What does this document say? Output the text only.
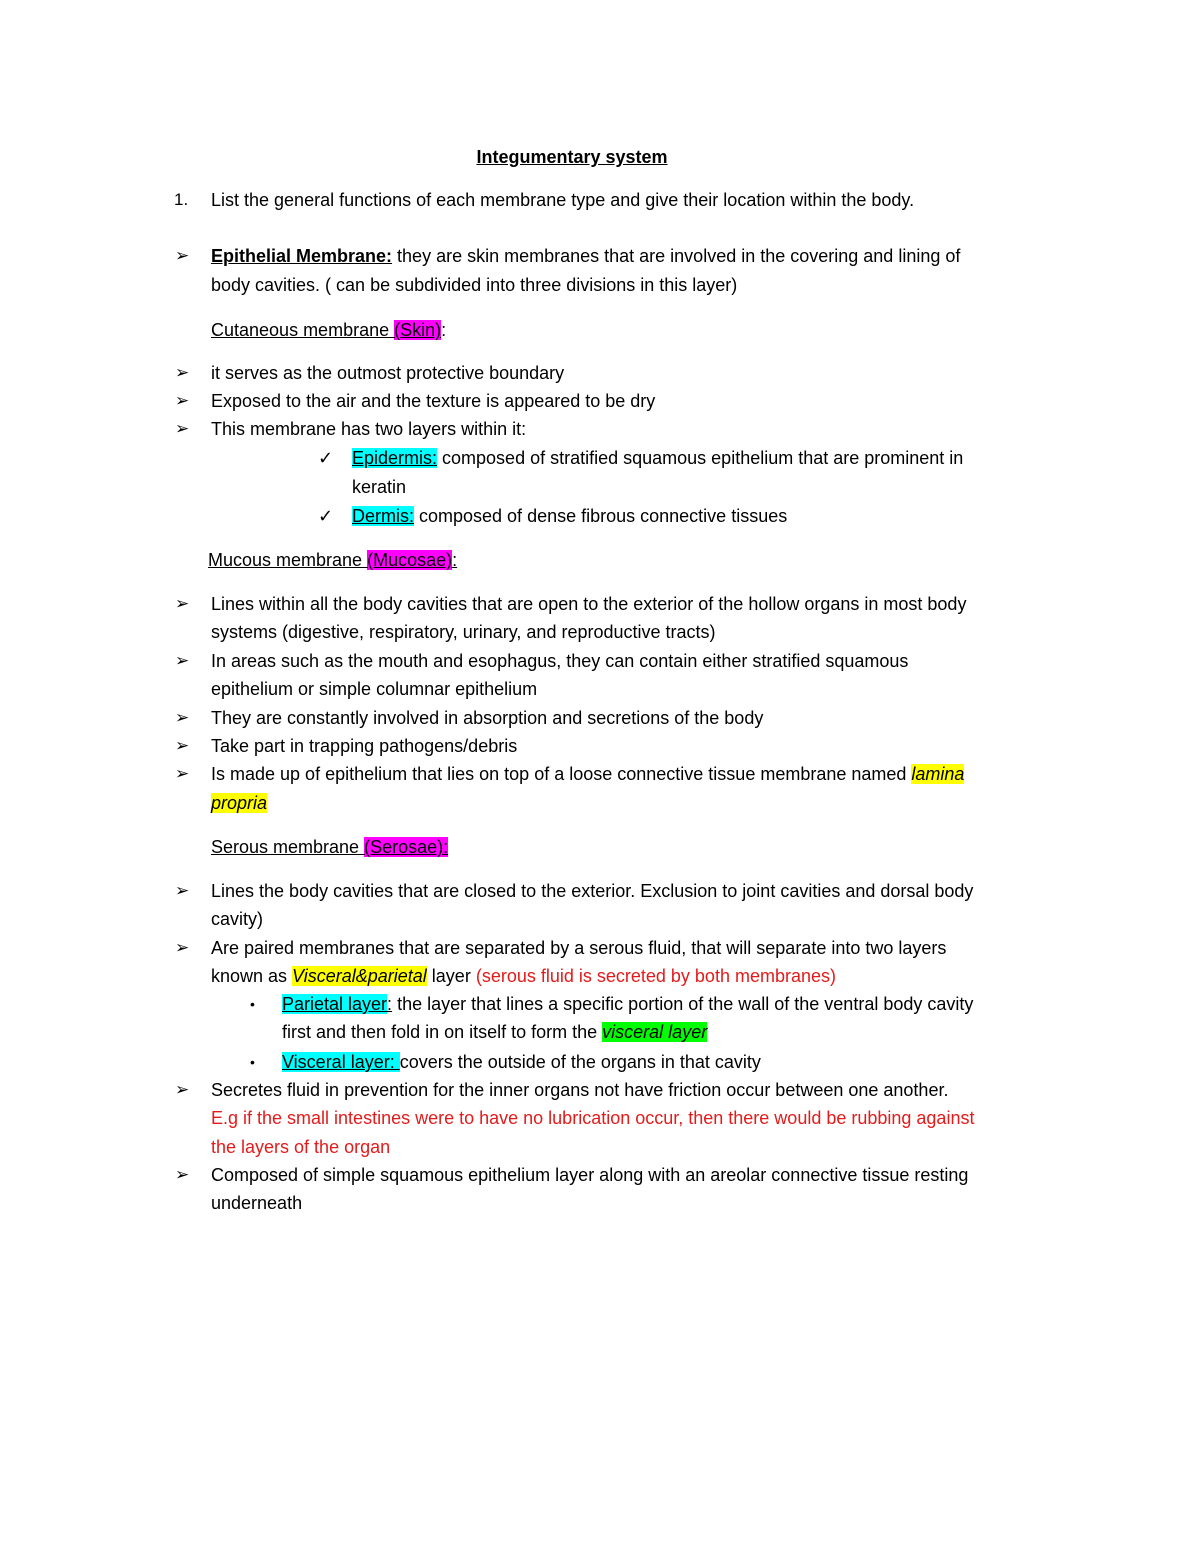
Integumentary system
1. List the general functions of each membrane type and give their location within the body.
➢ Epithelial Membrane: they are skin membranes that are involved in the covering and lining of
body cavities. ( can be subdivided into three divisions in this layer)
Cutaneous membrane (Skin):
➢ it serves as the outmost protective boundary
➢ Exposed to the air and the texture is appeared to be dry
➢ This membrane has two layers within it:
✓ Epidermis: composed of stratified squamous epithelium that are prominent in
keratin
✓ Dermis: composed of dense fibrous connective tissues
Mucous membrane (Mucosae):
➢ Lines within all the body cavities that are open to the exterior of the hollow organs in most body
systems (digestive, respiratory, urinary, and reproductive tracts)
➢ In areas such as the mouth and esophagus, they can contain either stratified squamous
epithelium or simple columnar epithelium
➢ They are constantly involved in absorption and secretions of the body
➢ Take part in trapping pathogens/debris
➢ Is made up of epithelium that lies on top of a loose connective tissue membrane named lamina
propria
Serous membrane (Serosae):
➢ Lines the body cavities that are closed to the exterior. Exclusion to joint cavities and dorsal body
cavity)
➢ Are paired membranes that are separated by a serous fluid, that will separate into two layers
known as Visceral&parietal layer (serous fluid is secreted by both membranes)
• Parietal layer: the layer that lines a specific portion of the wall of the ventral body cavity
first and then fold in on itself to form the visceral layer
• Visceral layer: covers the outside of the organs in that cavity
➢ Secretes fluid in prevention for the inner organs not have friction occur between one another.
E.g if the small intestines were to have no lubrication occur, then there would be rubbing against
the layers of the organ
➢ Composed of simple squamous epithelium layer along with an areolar connective tissue resting
underneath
